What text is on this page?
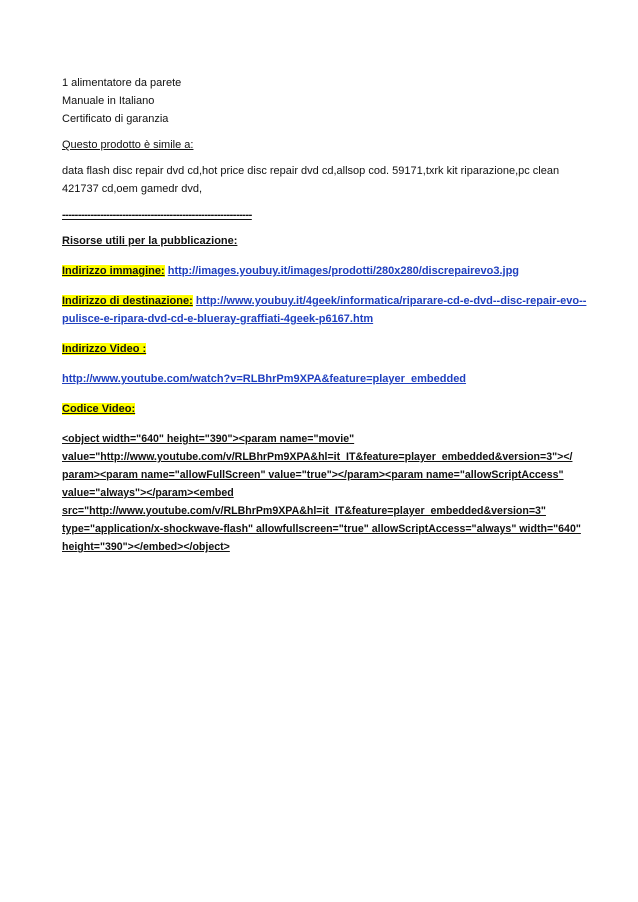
1 alimentatore da parete
Manuale in Italiano
Certificato di garanzia
Questo prodotto è simile a:
data flash disc repair dvd cd,hot price disc repair dvd cd,allsop cod. 59171,txrk kit riparazione,pc clean
421737 cd,oem gamedr dvd,
------------------------------------------------------------
Risorse utili per la pubblicazione:
Indirizzo immagine: http://images.youbuy.it/images/prodotti/280x280/discrepairevo3.jpg
Indirizzo di destinazione: http://www.youbuy.it/4geek/informatica/riparare-cd-e-dvd--disc-repair-evo--
pulisce-e-ripara-dvd-cd-e-blueray-graffiati-4geek-p6167.htm
Indirizzo Video :
http://www.youtube.com/watch?v=RLBhrPm9XPA&feature=player_embedded
Codice Video:
<object width="640" height="390"><param name="movie"
value="http://www.youtube.com/v/RLBhrPm9XPA&hl=it_IT&feature=player_embedded&version=3"></
param><param name="allowFullScreen" value="true"></param><param name="allowScriptAccess"
value="always"></param><embed
src="http://www.youtube.com/v/RLBhrPm9XPA&hl=it_IT&feature=player_embedded&version=3"
type="application/x-shockwave-flash" allowfullscreen="true" allowScriptAccess="always" width="640"
height="390"></embed></object>
